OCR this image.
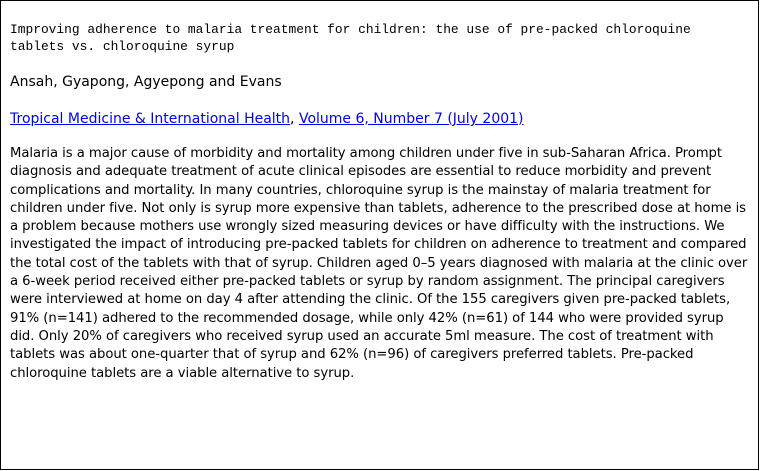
Improving adherence to malaria treatment for children: the use of pre-packed chloroquine tablets vs. chloroquine syrup

Ansah, Gyapong, Agyepong and Evans

Tropical Medicine & International Health, Volume 6, Number 7 (July 2001)

Malaria is a major cause of morbidity and mortality among children under five in sub-Saharan Africa. Prompt diagnosis and adequate treatment of acute clinical episodes are essential to reduce morbidity and prevent complications and mortality. In many countries, chloroquine syrup is the mainstay of malaria treatment for children under five. Not only is syrup more expensive than tablets, adherence to the prescribed dose at home is a problem because mothers use wrongly sized measuring devices or have difficulty with the instructions. We investigated the impact of introducing pre-packed tablets for children on adherence to treatment and compared the total cost of the tablets with that of syrup. Children aged 0–5 years diagnosed with malaria at the clinic over a 6-week period received either pre-packed tablets or syrup by random assignment. The principal caregivers were interviewed at home on day 4 after attending the clinic. Of the 155 caregivers given pre-packed tablets, 91% (n=141) adhered to the recommended dosage, while only 42% (n=61) of 144 who were provided syrup did. Only 20% of caregivers who received syrup used an accurate 5ml measure. The cost of treatment with tablets was about one-quarter that of syrup and 62% (n=96) of caregivers preferred tablets. Pre-packed chloroquine tablets are a viable alternative to syrup.
